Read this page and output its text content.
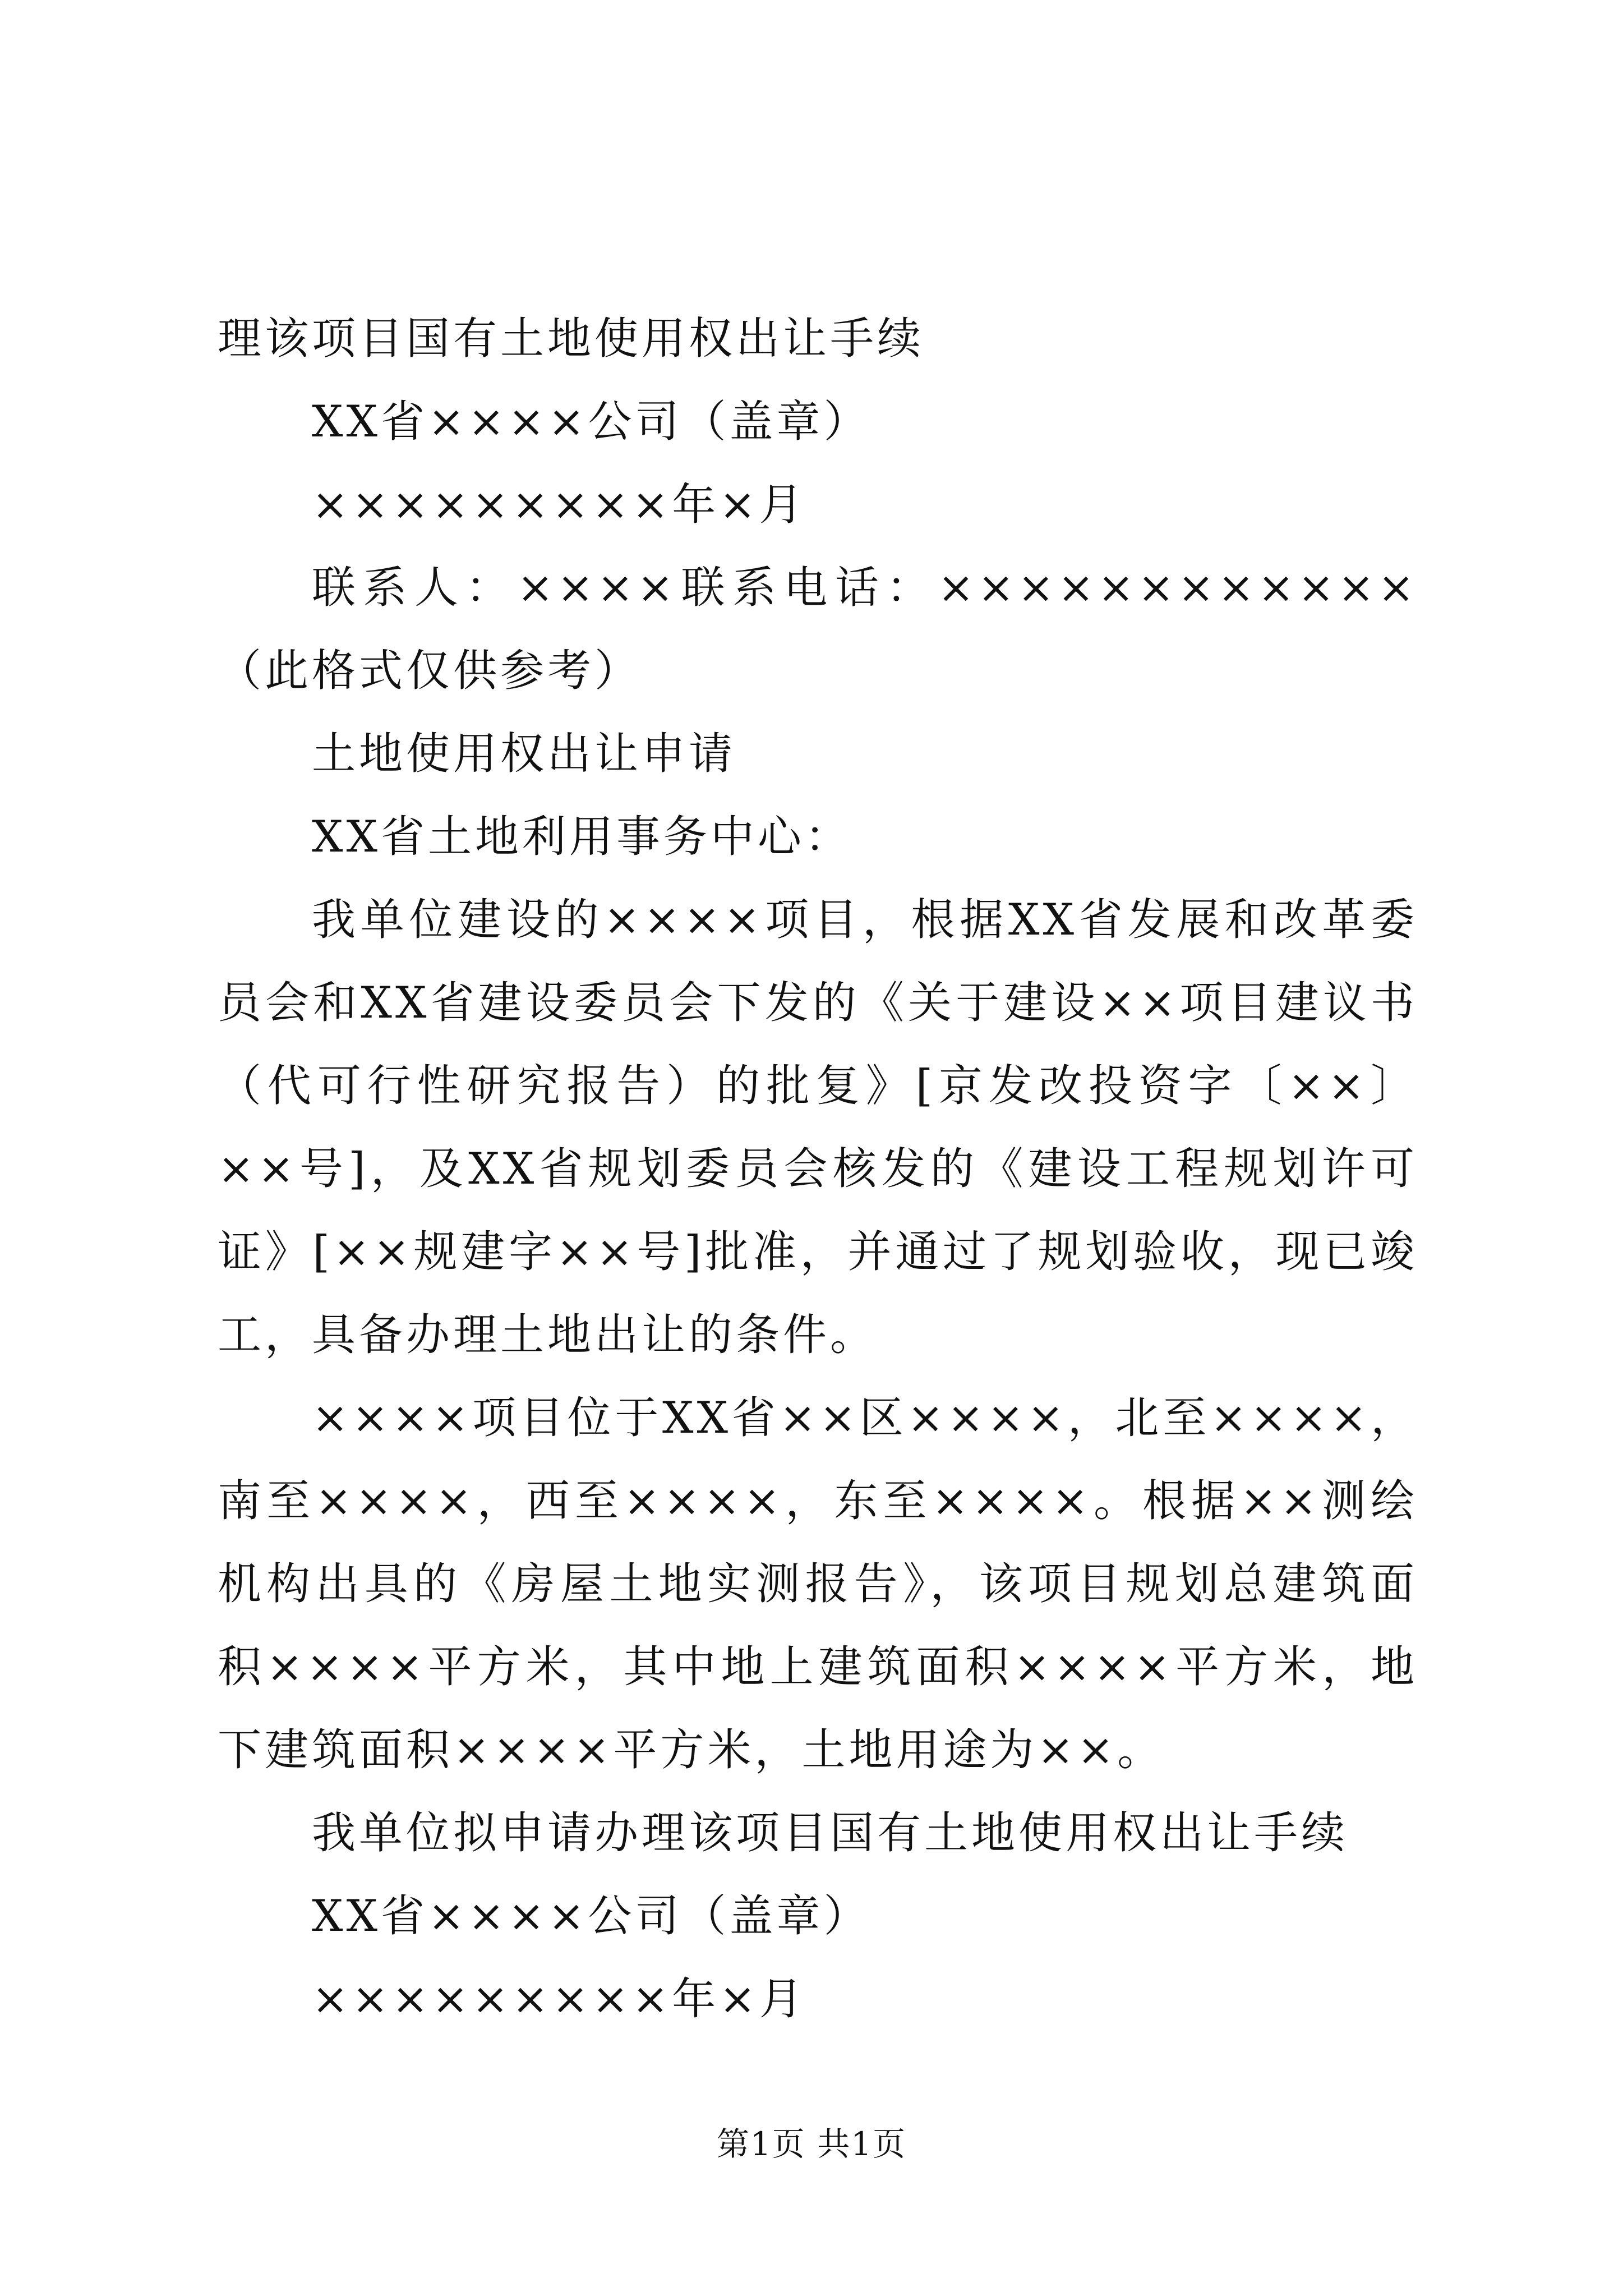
理该项目国有土地使用权出让手续
XX省××××公司（盖章）
×××××××××年×月

联系人：××××联系电话：××××××××××××（此格式仅供参考）

土地使用权出让申请
XX省土地利用事务中心：

我单位建设的××××项目，根据XX省发展和改革委员会和XX省建设委员会下发的《关于建设××项目建议书（代可行性研究报告）的批复》[京发改投资字〔××〕××号]，及XX省规划委员会核发的《建设工程规划许可证》[××规建字××号]批准，并通过了规划验收，现已竣工，具备办理土地出让的条件。

××××项目位于XX省××区××××，北至××××，南至××××，西至××××，东至××××。根据××测绘机构出具的《房屋土地实测报告》，该项目规划总建筑面积××××平方米，其中地上建筑面积××××平方米，地下建筑面积××××平方米，土地用途为××。

我单位拟申请办理该项目国有土地使用权出让手续
XX省××××公司（盖章）
×××××××××年×月
第1页 共1页
